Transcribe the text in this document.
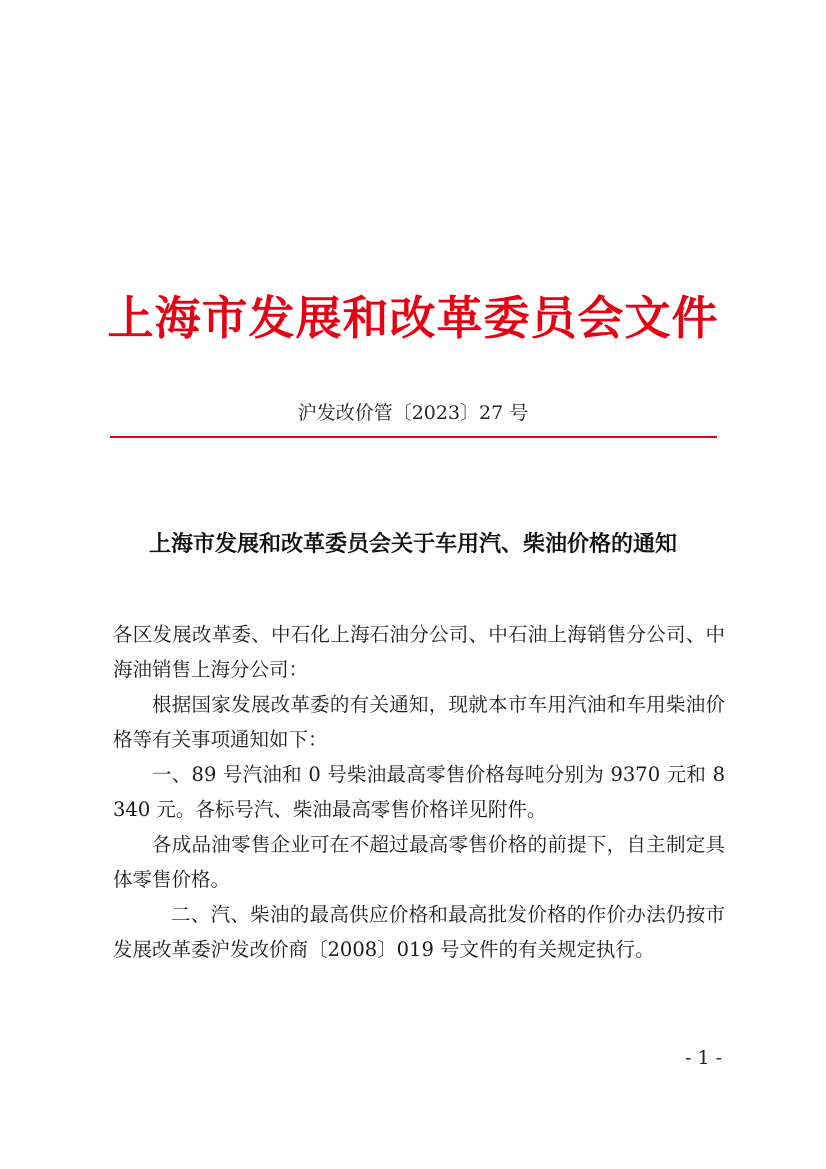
上海市发展和改革委员会文件
沪发改价管〔2023〕27 号
上海市发展和改革委员会关于车用汽、柴油价格的通知

各区发展改革委、中石化上海石油分公司、中石油上海销售分公司、中海油销售上海分公司：

根据国家发展改革委的有关通知，现就本市车用汽油和车用柴油价格等有关事项通知如下：

一、89 号汽油和 0 号柴油最高零售价格每吨分别为 9370 元和 8340 元。各标号汽、柴油最高零售价格详见附件。

各成品油零售企业可在不超过最高零售价格的前提下，自主制定具体零售价格。

二、汽、柴油的最高供应价格和最高批发价格的作价办法仍按市发展改革委沪发改价商〔2008〕019 号文件的有关规定执行。

- 1 -
